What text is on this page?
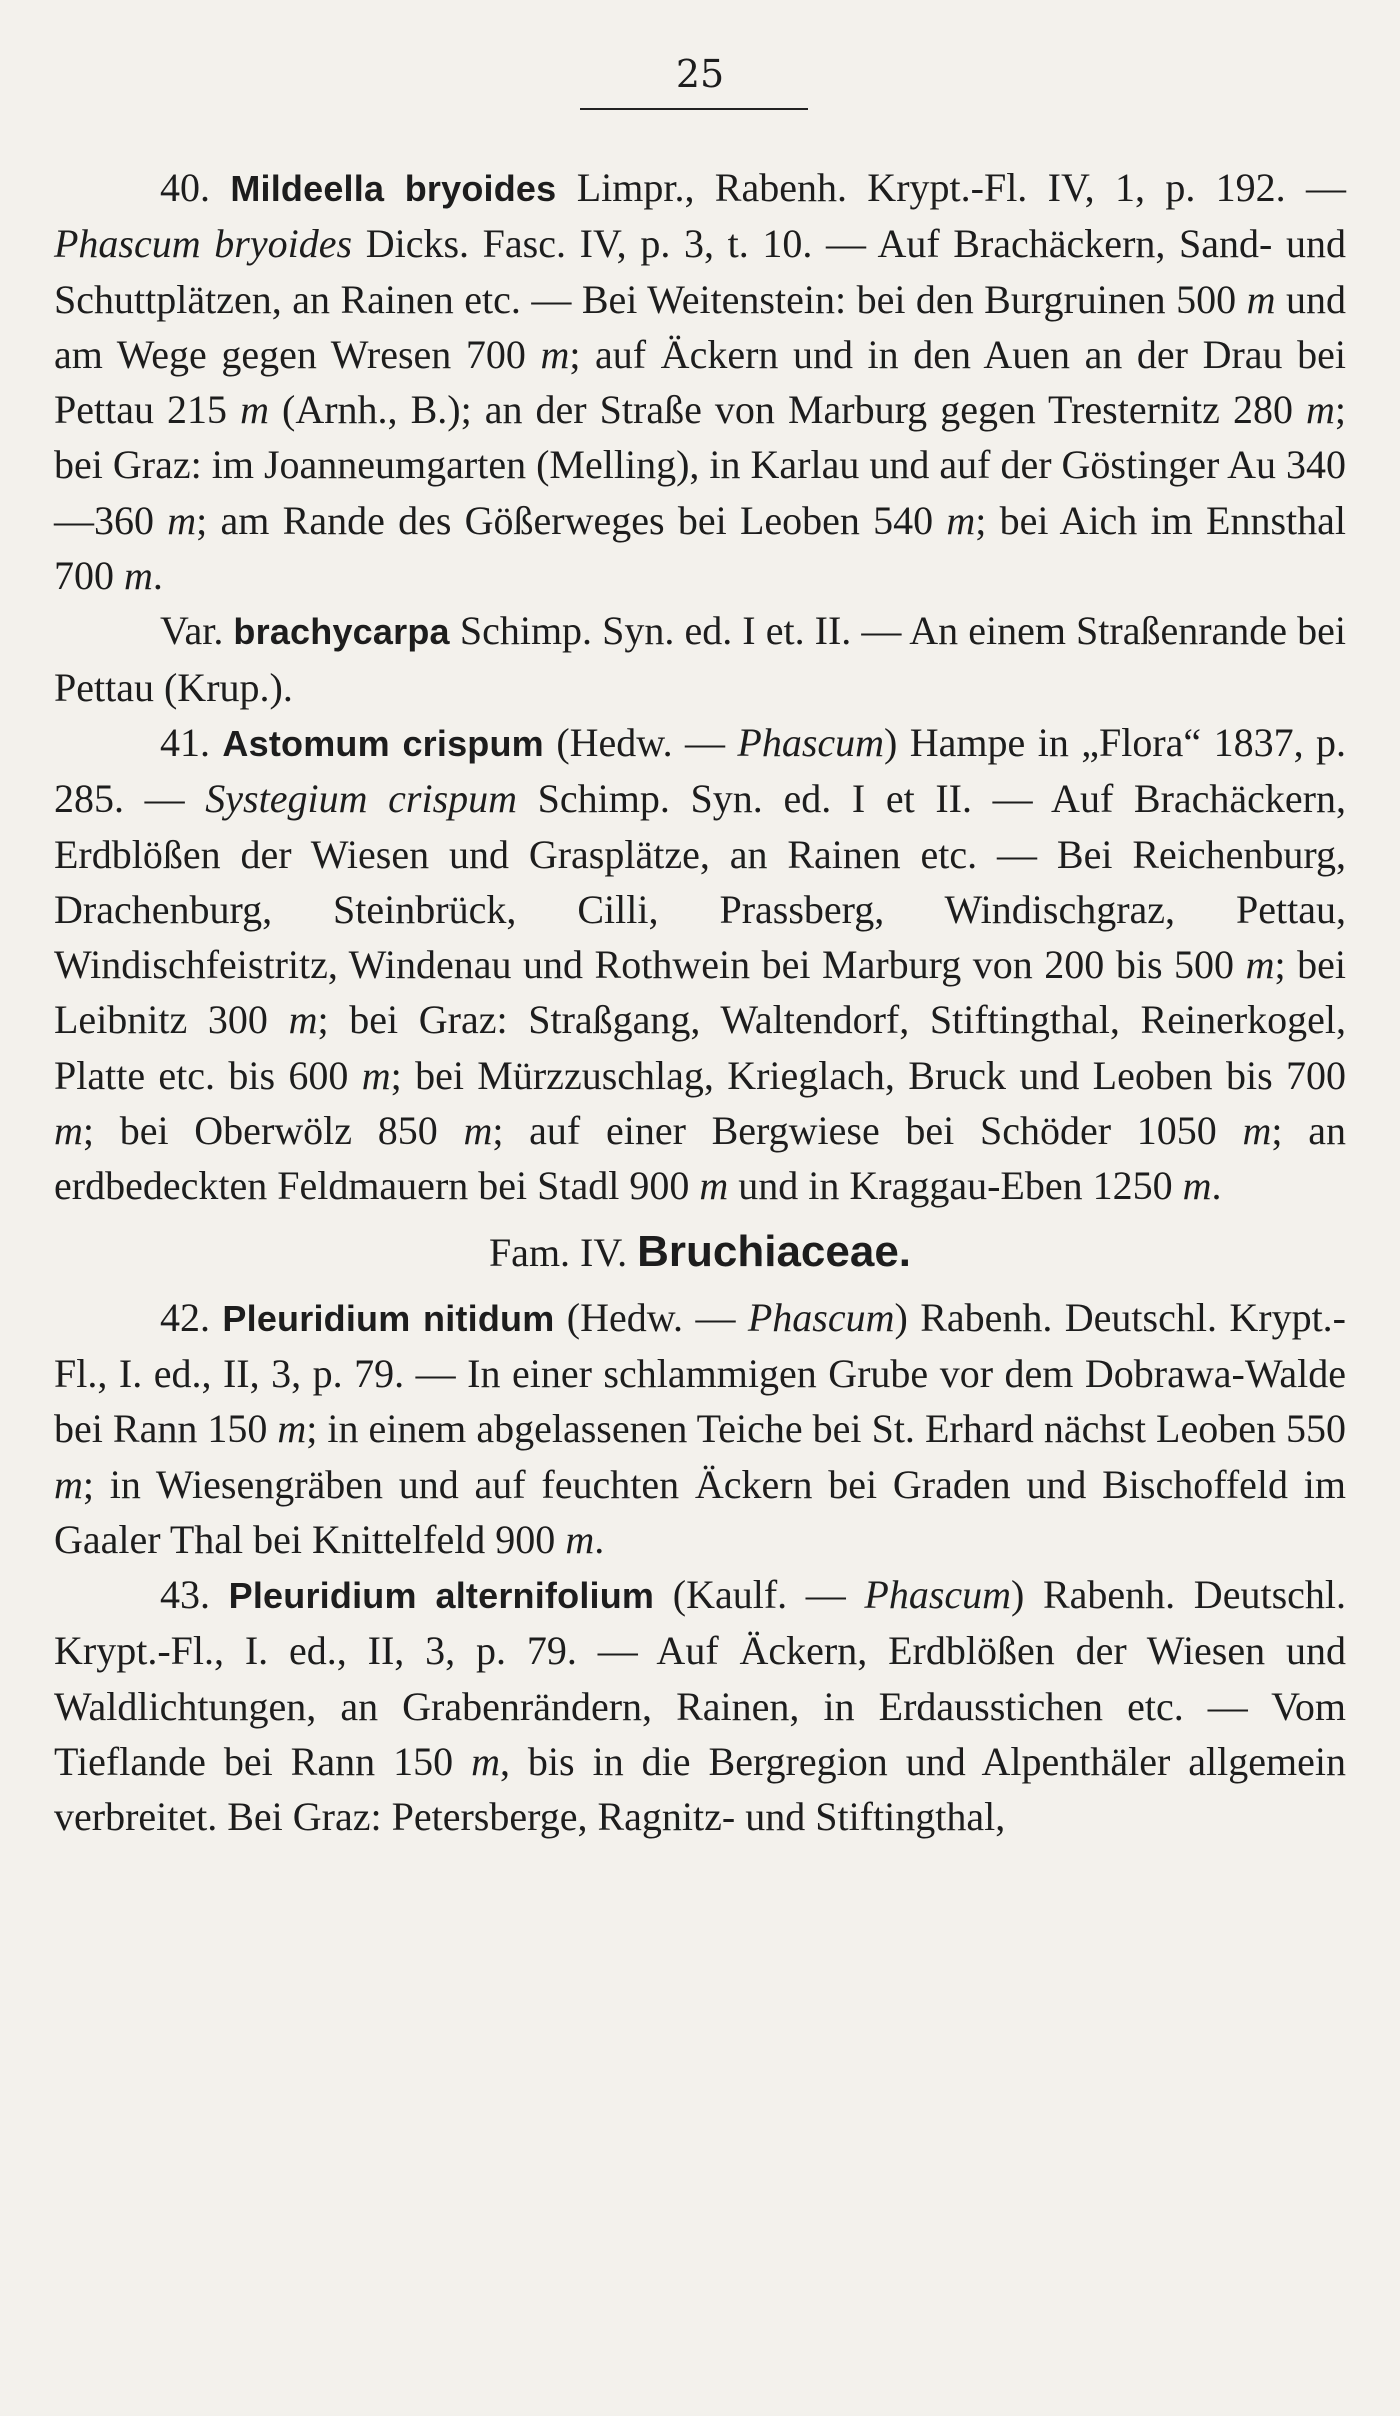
25

40. Mildeella bryoides Limpr., Rabenh. Krypt.-Fl. IV, 1, p. 192. — Phascum bryoides Dicks. Fasc. IV, p. 3, t. 10. — Auf Brachäckern, Sand- und Schuttplätzen, an Rainen etc. — Bei Weitenstein: bei den Burgruinen 500 m und am Wege gegen Wresen 700 m; auf Äckern und in den Auen an der Drau bei Pettau 215 m (Arnh., B.); an der Straße von Marburg gegen Tresternitz 280 m; bei Graz: im Joanneumgarten (Melling), in Karlau und auf der Göstinger Au 340—360 m; am Rande des Gößerweges bei Leoben 540 m; bei Aich im Ennsthal 700 m.

Var. brachycarpa Schimp. Syn. ed. I et. II. — An einem Straßenrande bei Pettau (Krup.).

41. Astomum crispum (Hedw. — Phascum) Hampe in „Flora“ 1837, p. 285. — Systegium crispum Schimp. Syn. ed. I et II. — Auf Brachäckern, Erdblößen der Wiesen und Grasplätze, an Rainen etc. — Bei Reichenburg, Drachenburg, Steinbrück, Cilli, Prassberg, Windischgraz, Pettau, Windischfeistritz, Windenau und Rothwein bei Marburg von 200 bis 500 m; bei Leibnitz 300 m; bei Graz: Straßgang, Waltendorf, Stiftingthal, Reinerkogel, Platte etc. bis 600 m; bei Mürzzuschlag, Krieglach, Bruck und Leoben bis 700 m; bei Oberwölz 850 m; auf einer Bergwiese bei Schöder 1050 m; an erdbedeckten Feldmauern bei Stadl 900 m und in Kraggau-Eben 1250 m.

Fam. IV. Bruchiaceae.

42. Pleuridium nitidum (Hedw. — Phascum) Rabenh. Deutschl. Krypt.-Fl., I. ed., II, 3, p. 79. — In einer schlammigen Grube vor dem Dobrawa-Walde bei Rann 150 m; in einem abgelassenen Teiche bei St. Erhard nächst Leoben 550 m; in Wiesengräben und auf feuchten Äckern bei Graden und Bischoffeld im Gaaler Thal bei Knittelfeld 900 m.

43. Pleuridium alternifolium (Kaulf. — Phascum) Rabenh. Deutschl. Krypt.-Fl., I. ed., II, 3, p. 79. — Auf Äckern, Erdblößen der Wiesen und Waldlichtungen, an Grabenrändern, Rainen, in Erdausstichen etc. — Vom Tieflande bei Rann 150 m, bis in die Bergregion und Alpenthäler allgemein verbreitet. Bei Graz: Petersberge, Ragnitz- und Stiftingthal,
